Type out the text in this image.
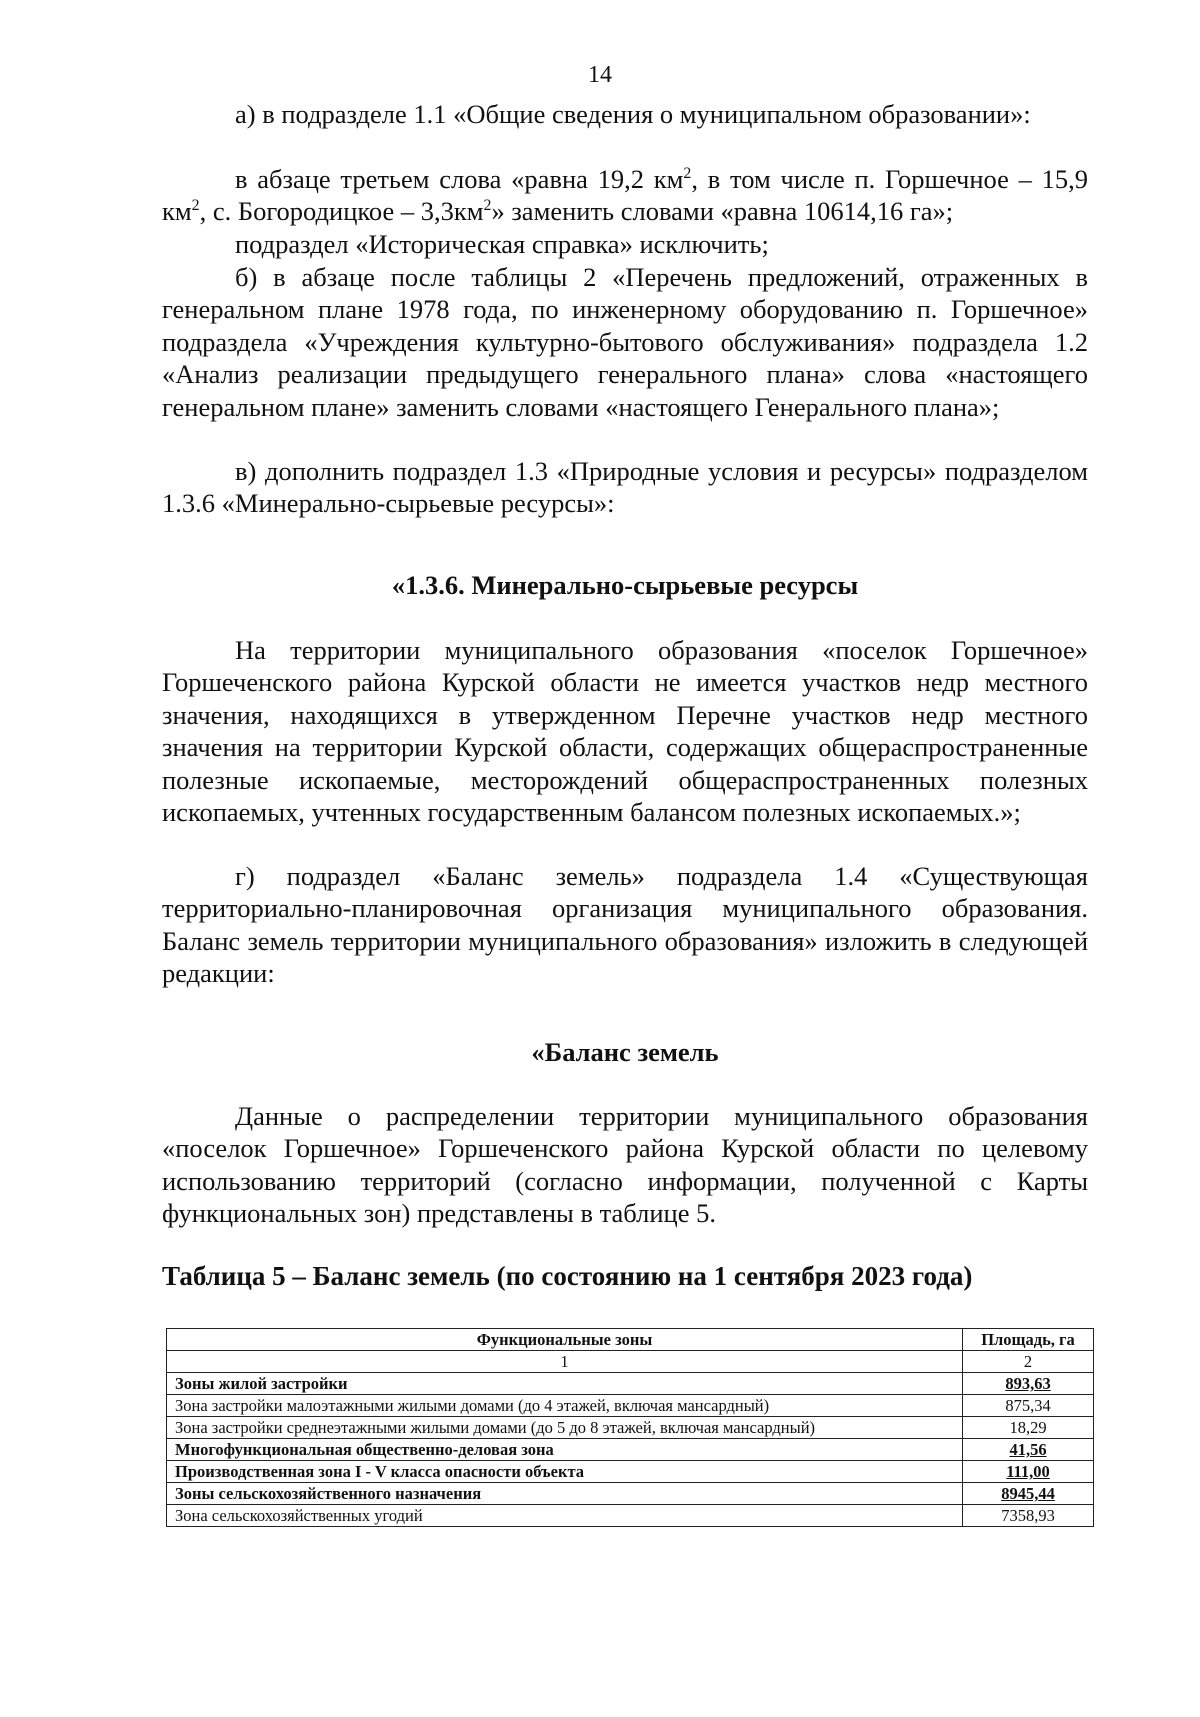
14

а) в подразделе 1.1 «Общие сведения о муниципальном образовании»:

в абзаце третьем слова «равна 19,2 $км^2$, в том числе п. Горшечное – 15,9 $км^2$, с. Богородицкое – $3,3км^2$» заменить словами «равна 10614,16 га»;

подраздел «Историческая справка» исключить;

б) в абзаце после таблицы 2 «Перечень предложений, отраженных в генеральном плане 1978 года, по инженерному оборудованию п. Горшечное» подраздела «Учреждения культурно-бытового обслуживания» подраздела 1.2 «Анализ реализации предыдущего генерального плана» слова «настоящего генеральном плане» заменить словами «настоящего Генерального плана»;

в) дополнить подраздел 1.3 «Природные условия и ресурсы» подразделом 1.3.6 «Минерально-сырьевые ресурсы»:

«1.3.6. Минерально-сырьевые ресурсы

На территории муниципального образования «поселок Горшечное» Горшеченского района Курской области не имеется участков недр местного значения, находящихся в утвержденном Перечне участков недр местного значения на территории Курской области, содержащих общераспространенные полезные ископаемые, месторождений общераспространенных полезных ископаемых, учтенных государственным балансом полезных ископаемых.»;

г) подраздел «Баланс земель» подраздела 1.4 «Существующая территориально-планировочная организация муниципального образования. Баланс земель территории муниципального образования» изложить в следующей редакции:

«Баланс земель

Данные о распределении территории муниципального образования «поселок Горшечное» Горшеченского района Курской области по целевому использованию территорий (согласно информации, полученной с Карты функциональных зон) представлены в таблице 5.

Таблица 5 – Баланс земель (по состоянию на 1 сентября 2023 года)
Функциональные зоны	Площадь, га
1	2
Зоны жилой застройки	893,63
Зона застройки малоэтажными жилыми домами (до 4 этажей, включая мансардный)	875,34
Зона застройки среднеэтажными жилыми домами (до 5 до 8 этажей, включая мансардный)	18,29
Многофункциональная общественно-деловая зона	41,56
Производственная зона I - V класса опасности объекта	111,00
Зоны сельскохозяйственного назначения	8945,44
Зона сельскохозяйственных угодий	7358,93
